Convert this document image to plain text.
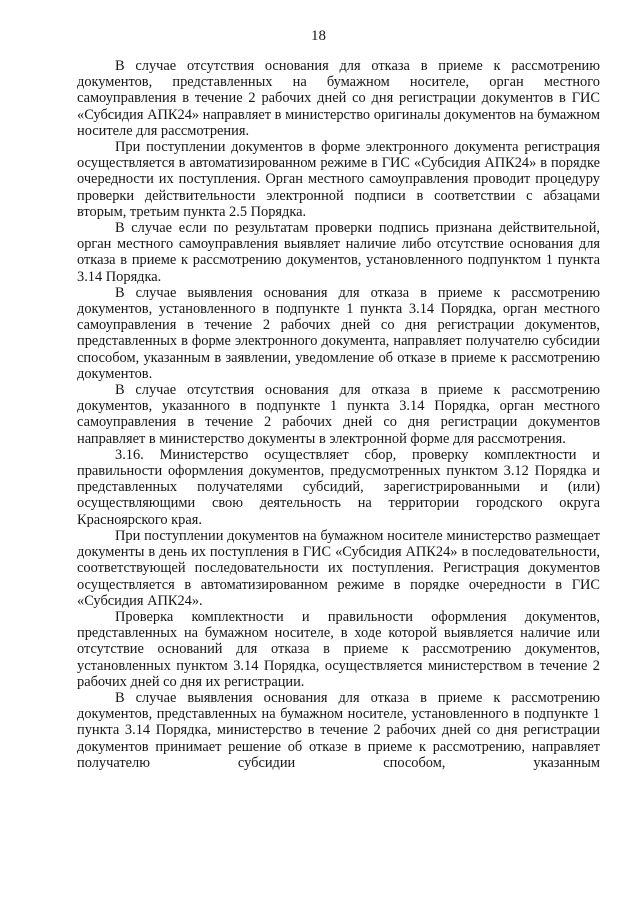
18

В случае отсутствия основания для отказа в приеме к рассмотрению документов, представленных на бумажном носителе, орган местного самоуправления в течение 2 рабочих дней со дня регистрации документов в ГИС «Субсидия АПК24» направляет в министерство оригиналы документов на бумажном носителе для рассмотрения.

При поступлении документов в форме электронного документа регистрация осуществляется в автоматизированном режиме в ГИС «Субсидия АПК24» в порядке очередности их поступления. Орган местного самоуправления проводит процедуру проверки действительности электронной подписи в соответствии с абзацами вторым, третьим пункта 2.5 Порядка.

В случае если по результатам проверки подпись признана действительной, орган местного самоуправления выявляет наличие либо отсутствие основания для отказа в приеме к рассмотрению документов, установленного подпунктом 1 пункта 3.14 Порядка.

В случае выявления основания для отказа в приеме к рассмотрению документов, установленного в подпункте 1 пункта 3.14 Порядка, орган местного самоуправления в течение 2 рабочих дней со дня регистрации документов, представленных в форме электронного документа, направляет получателю субсидии способом, указанным в заявлении, уведомление об отказе в приеме к рассмотрению документов.

В случае отсутствия основания для отказа в приеме к рассмотрению документов, указанного в подпункте 1 пункта 3.14 Порядка, орган местного самоуправления в течение 2 рабочих дней со дня регистрации документов направляет в министерство документы в электронной форме для рассмотрения.

3.16. Министерство осуществляет сбор, проверку комплектности и правильности оформления документов, предусмотренных пунктом 3.12 Порядка и представленных получателями субсидий, зарегистрированными и (или) осуществляющими свою деятельность на территории городского округа Красноярского края.

При поступлении документов на бумажном носителе министерство размещает документы в день их поступления в ГИС «Субсидия АПК24» в последовательности, соответствующей последовательности их поступления. Регистрация документов осуществляется в автоматизированном режиме в порядке очередности в ГИС «Субсидия АПК24».

Проверка комплектности и правильности оформления документов, представленных на бумажном носителе, в ходе которой выявляется наличие или отсутствие оснований для отказа в приеме к рассмотрению документов, установленных пунктом 3.14 Порядка, осуществляется министерством в течение 2 рабочих дней со дня их регистрации.

В случае выявления основания для отказа в приеме к рассмотрению документов, представленных на бумажном носителе, установленного в подпункте 1 пункта 3.14 Порядка, министерство в течение 2 рабочих дней со дня регистрации документов принимает решение об отказе в приеме к рассмотрению, направляет получателю субсидии способом, указанным
